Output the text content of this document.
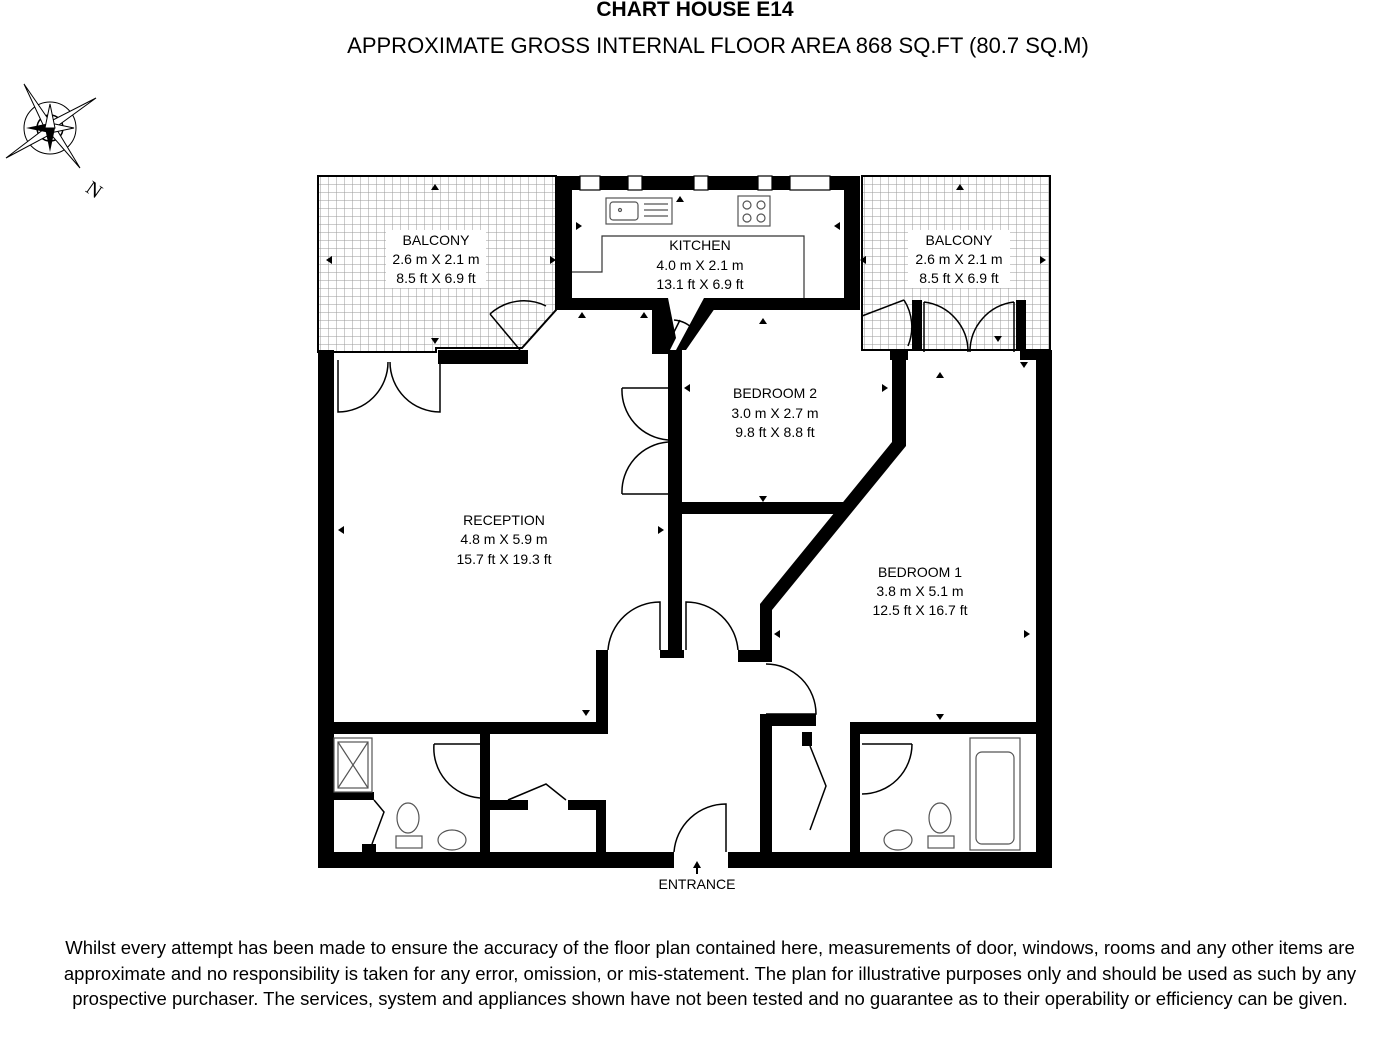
CHART HOUSE E14
APPROXIMATE GROSS INTERNAL FLOOR AREA 868 SQ.FT (80.7 SQ.M)
N
BALCONY
2.6 m X 2.1 m
8.5 ft X 6.9 ft
KITCHEN
4.0 m X 2.1 m
13.1 ft X 6.9 ft
BALCONY
2.6 m X 2.1 m
8.5 ft X 6.9 ft
BEDROOM 2
3.0 m X 2.7 m
9.8 ft X 8.8 ft
RECEPTION
4.8 m X 5.9 m
15.7 ft X 19.3 ft
BEDROOM 1
3.8 m X 5.1 m
12.5 ft X 16.7 ft
ENTRANCE
Whilst every attempt has been made to ensure the accuracy of the floor plan contained here, measurements of door, windows, rooms and any other items are approximate and no responsibility is taken for any error, omission, or mis-statement. The plan for illustrative purposes only and should be used as such by any prospective purchaser. The services, system and appliances shown have not been tested and no guarantee as to their operability or efficiency can be given.
